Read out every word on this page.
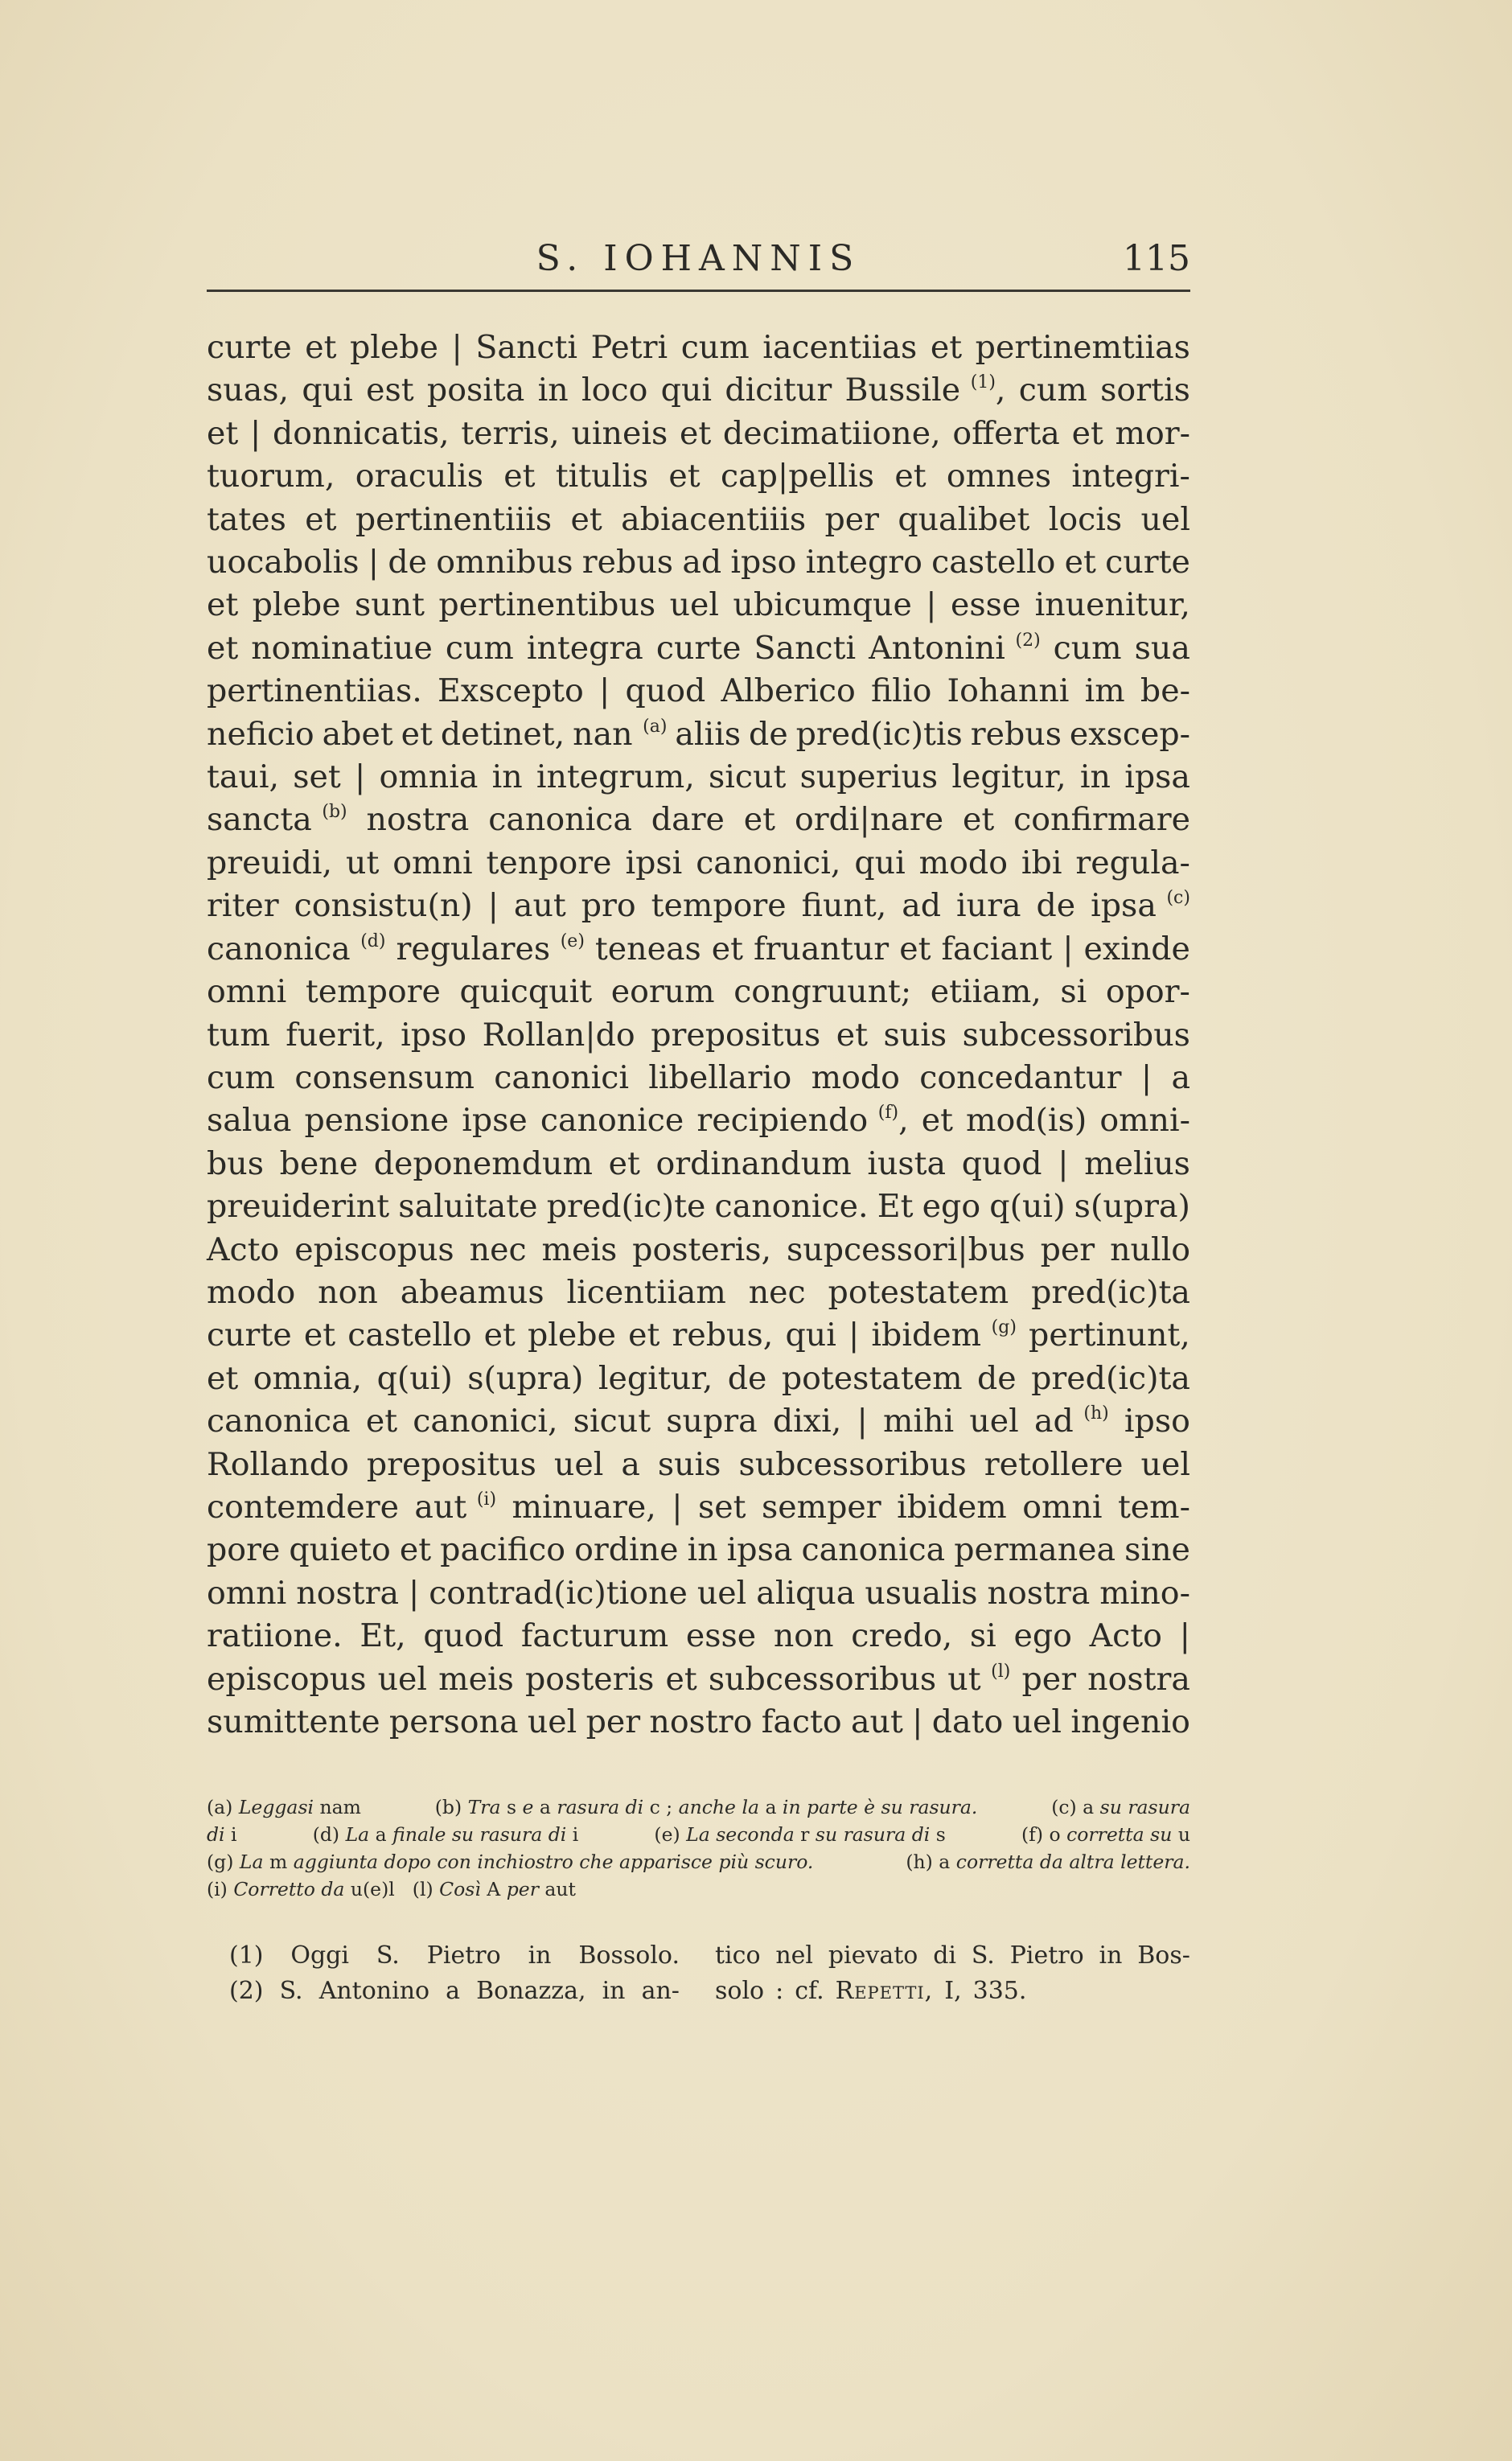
S. IOHANNIS	115
curte et plebe | Sancti Petri cum iacentiias et pertinemtiias
suas, qui est posita in loco qui dicitur Bussile $^{(1)}$, cum sortis
et | donnicatis, terris, uineis et decimatiione, offerta et mor-
tuorum, oraculis et titulis et cap|pellis et omnes integri-
tates et pertinentiiis et abiacentiiis per qualibet locis uel
uocabolis | de omnibus rebus ad ipso integro castello et curte
et plebe sunt pertinentibus uel ubicumque | esse inuenitur,
et nominatiue cum integra curte Sancti Antonini $^{(2)}$ cum sua
pertinentiias. Exscepto | quod Alberico filio Iohanni im be-
neficio abet et detinet, nan $^{(a)}$ aliis de pred(ic)tis rebus exscep-
taui, set | omnia in integrum, sicut superius legitur, in ipsa
sancta $^{(b)}$ nostra canonica dare et ordi|nare et confirmare
preuidi, ut omni tenpore ipsi canonici, qui modo ibi regula-
riter consistu(n) | aut pro tempore fiunt, ad iura de ipsa $^{(c)}$
canonica $^{(d)}$ regulares $^{(e)}$ teneas et fruantur et faciant | exinde
omni tempore quicquit eorum congruunt; etiiam, si opor-
tum fuerit, ipso Rollan|do prepositus et suis subcessoribus
cum consensum canonici libellario modo concedantur | a
salua pensione ipse canonice recipiendo $^{(f)}$, et mod(is) omni-
bus bene deponemdum et ordinandum iusta quod | melius
preuiderint saluitate pred(ic)te canonice. Et ego q(ui) s(upra)
Acto episcopus nec meis posteris, supcessori|bus per nullo
modo non abeamus licentiiam nec potestatem pred(ic)ta
curte et castello et plebe et rebus, qui | ibidem $^{(g)}$ pertinunt,
et omnia, q(ui) s(upra) legitur, de potestatem de pred(ic)ta
canonica et canonici, sicut supra dixi, | mihi uel ad $^{(h)}$ ipso
Rollando prepositus uel a suis subcessoribus retollere uel
contemdere aut $^{(i)}$ minuare, | set semper ibidem omni tem-
pore quieto et pacifico ordine in ipsa canonica permanea sine
omni nostra | contrad(ic)tione uel aliqua usualis nostra mino-
ratiione. Et, quod facturum esse non credo, si ego Acto |
episcopus uel meis posteris et subcessoribus ut $^{(l)}$ per nostra
sumittente persona uel per nostro facto aut | dato uel ingenio
(a) Leggasi nam	(b) Tra s e a rasura di c ; anche la a in parte è su rasura.	(c) a su rasura
di i	(d) La a finale su rasura di i	(e) La seconda r su rasura di s	(f) o corretta su u
(g) La m aggiunta dopo con inchiostro che apparisce più scuro.	(h) a corretta da altra lettera.
(i) Corretto da u(e)l (l) Così A per aut
(1) Oggi S. Pietro in Bossolo.
(2) S. Antonino a Bonazza, in an-
tico nel pievato di S. Pietro in Bos-
solo : cf. Repetti, I, 335.
